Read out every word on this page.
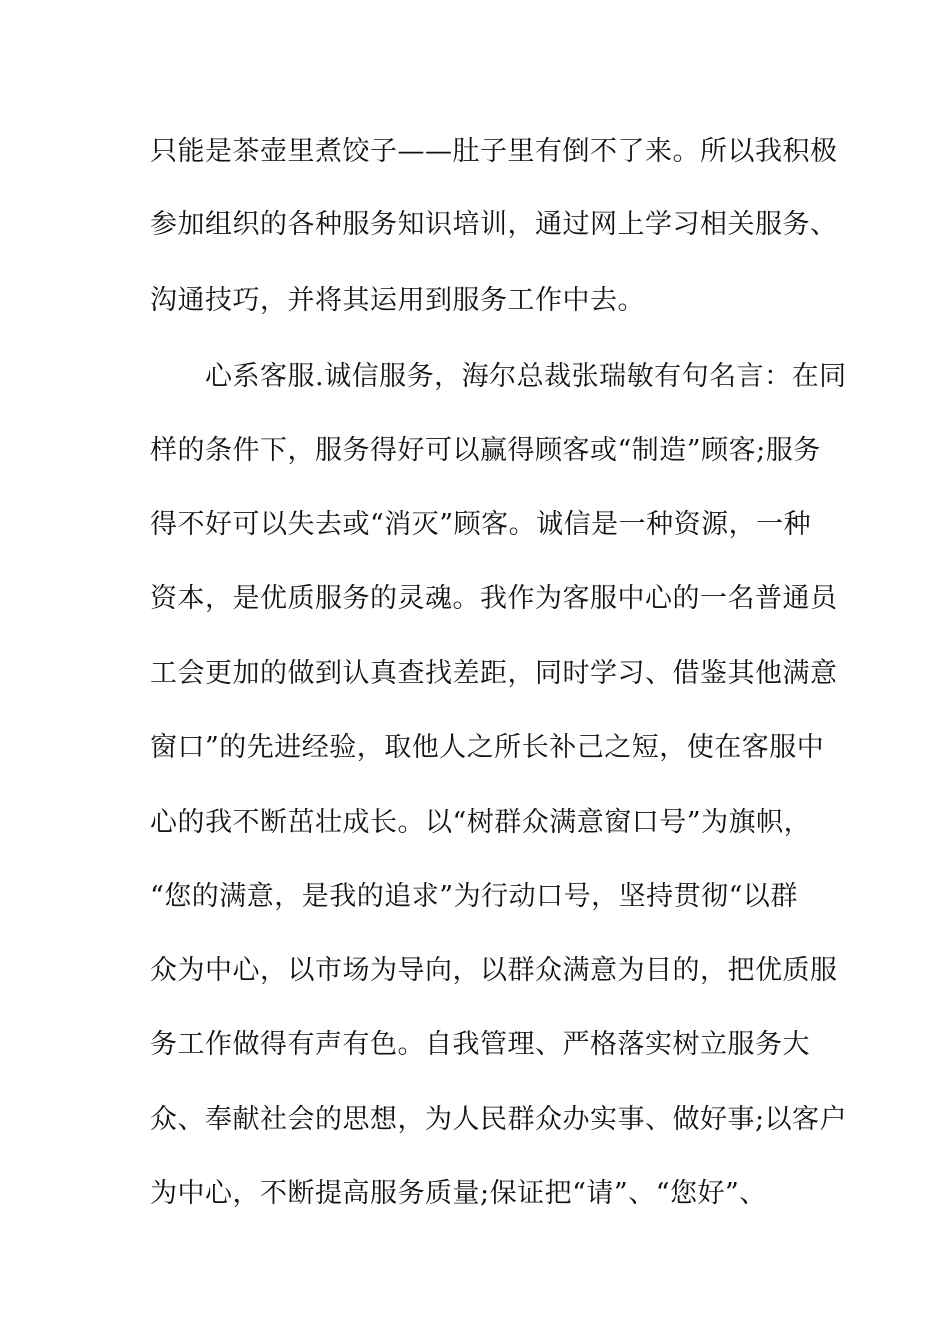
只能是茶壶里煮饺子——肚子里有倒不了来。所以我积极
参加组织的各种服务知识培训，通过网上学习相关服务、
沟通技巧，并将其运用到服务工作中去。
　　心系客服.诚信服务，海尔总裁张瑞敏有句名言：在同
样的条件下，服务得好可以赢得顾客或“制造”顾客;服务
得不好可以失去或“消灭”顾客。诚信是一种资源，一种
资本，是优质服务的灵魂。我作为客服中心的一名普通员
工会更加的做到认真查找差距，同时学习、借鉴其他满意
窗口”的先进经验，取他人之所长补己之短，使在客服中
心的我不断茁壮成长。以“树群众满意窗口号”为旗帜，
“您的满意，是我的追求”为行动口号，坚持贯彻“以群
众为中心，以市场为导向，以群众满意为目的，把优质服
务工作做得有声有色。自我管理、严格落实树立服务大
众、奉献社会的思想，为人民群众办实事、做好事;以客户
为中心，不断提高服务质量;保证把“请”、“您好”、
